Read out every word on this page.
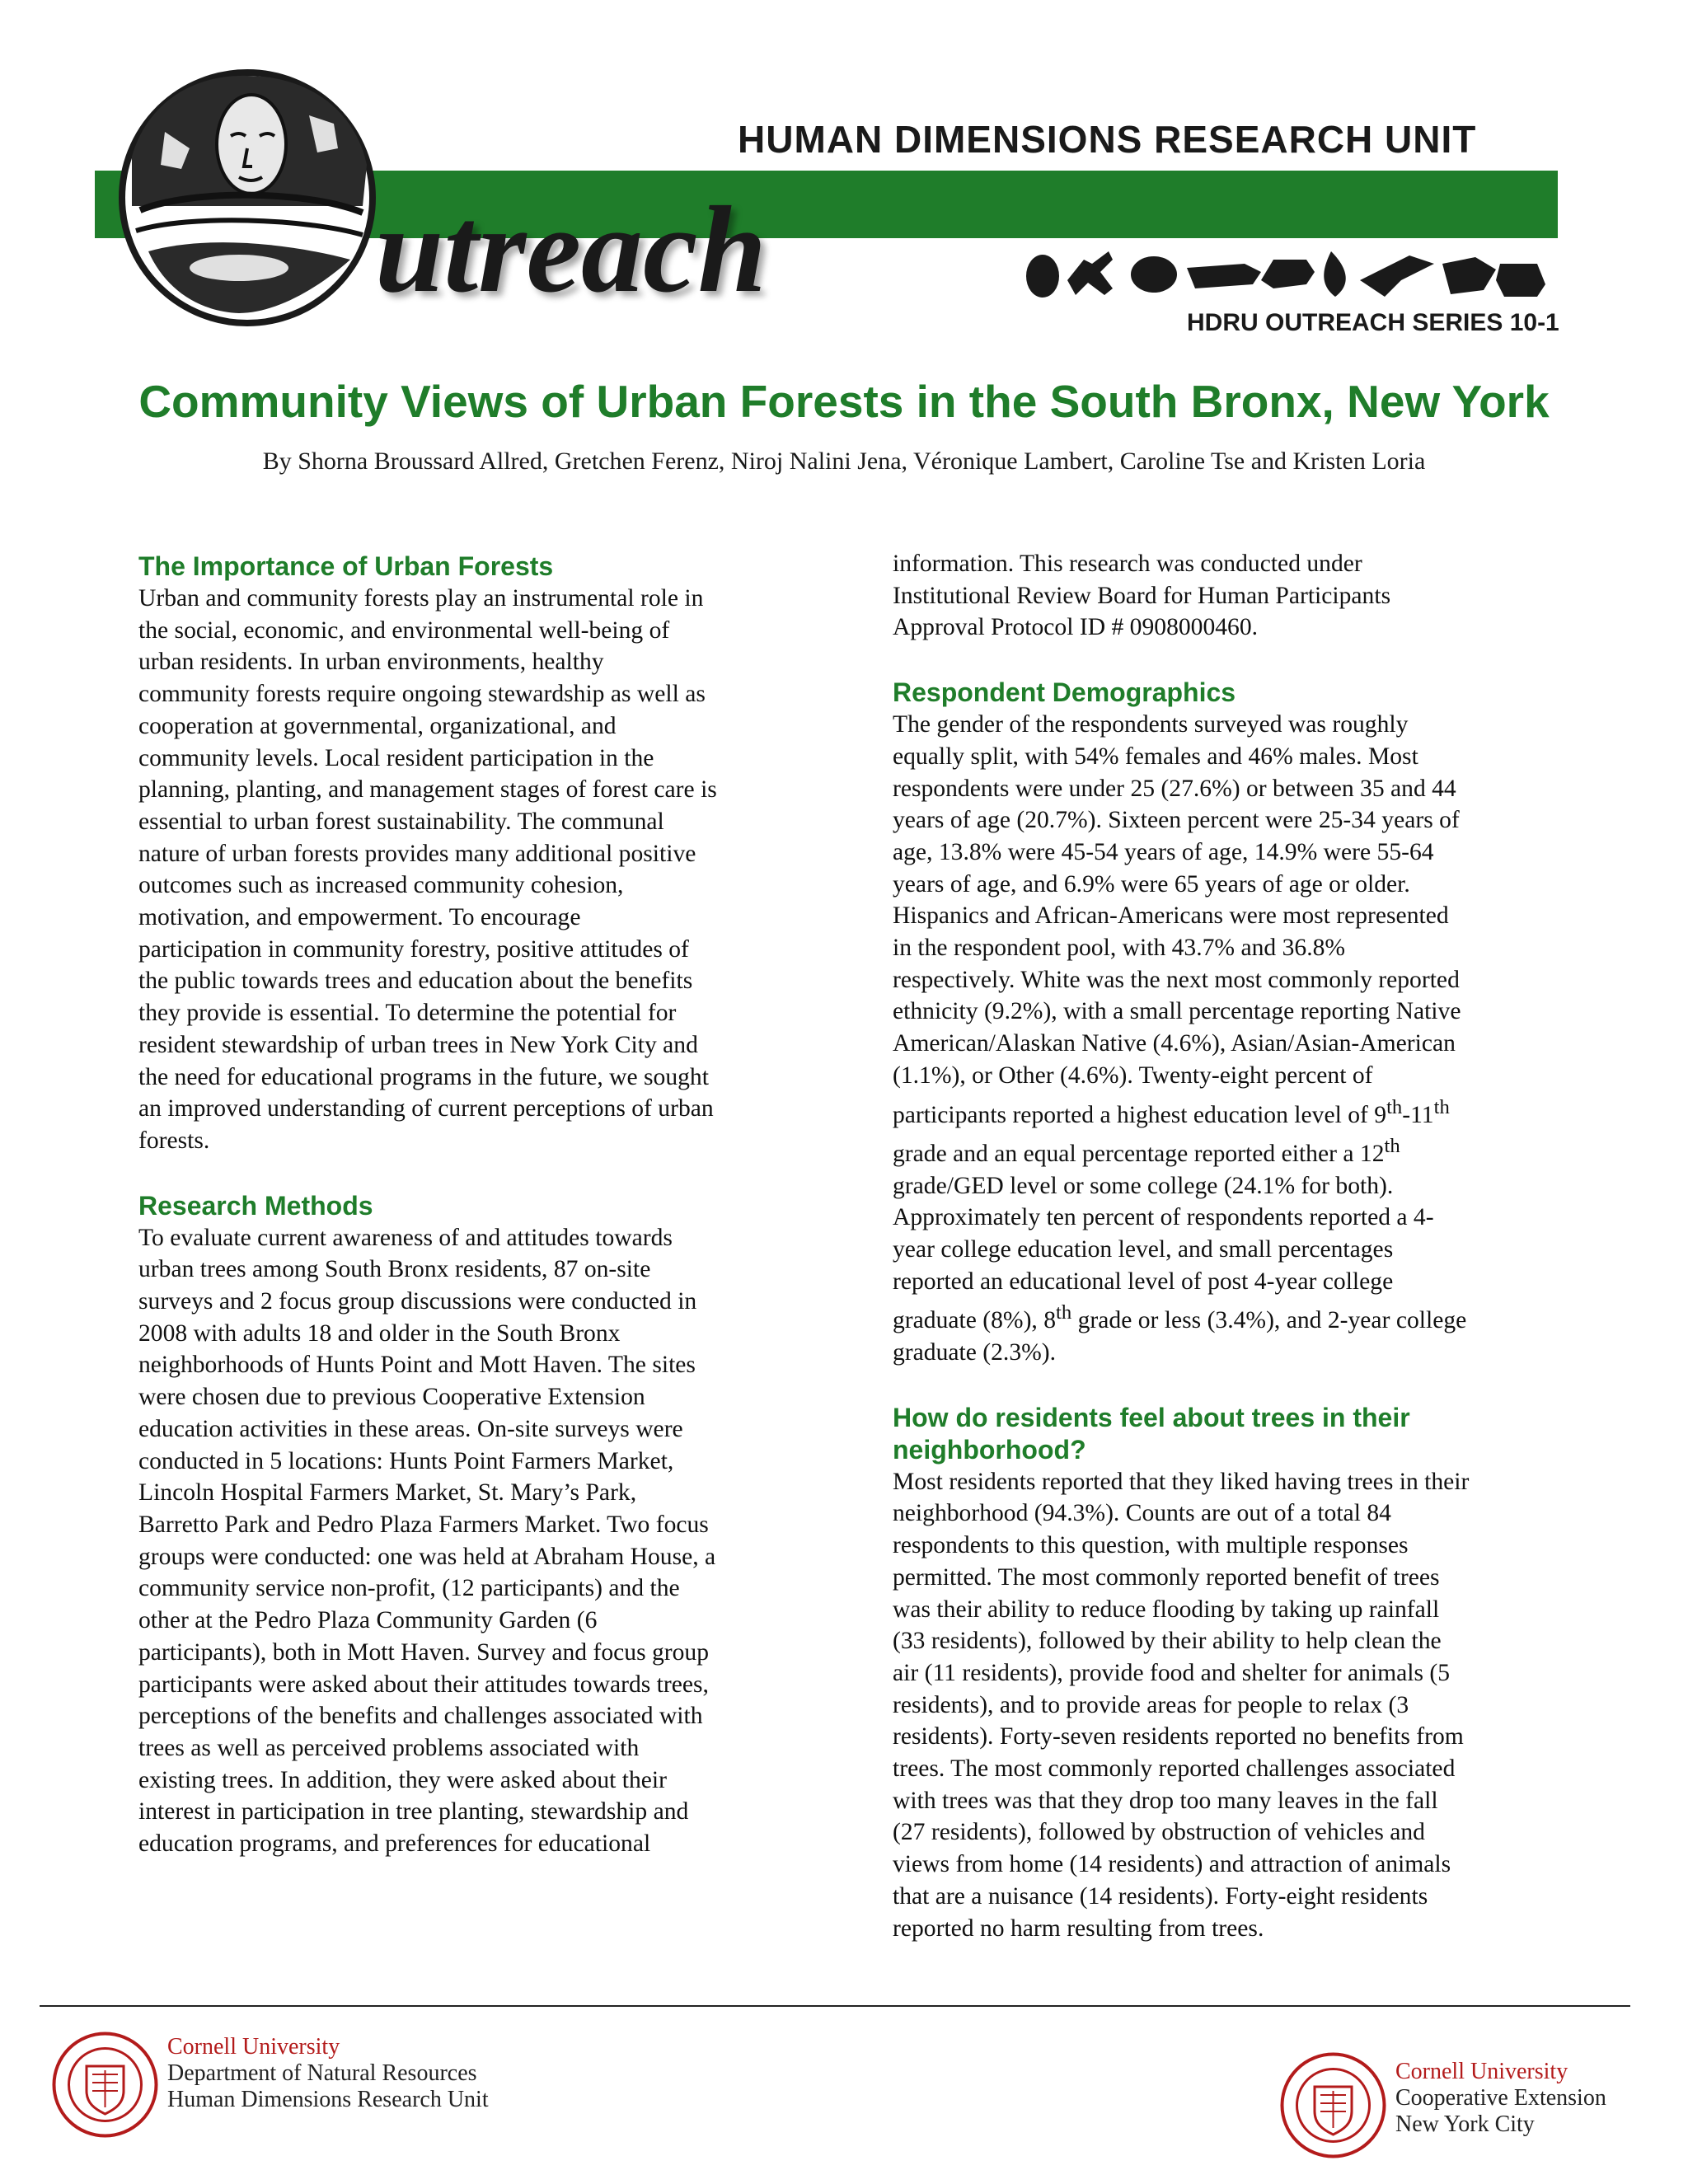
HUMAN DIMENSIONS RESEARCH UNIT
utreach
HDRU OUTREACH SERIES 10-1
Community Views of Urban Forests in the South Bronx, New York
By Shorna Broussard Allred, Gretchen Ferenz, Niroj Nalini Jena, Véronique Lambert, Caroline Tse and Kristen Loria
The Importance of Urban Forests

Urban and community forests play an instrumental role in
the social, economic, and environmental well-being of
urban residents. In urban environments, healthy
community forests require ongoing stewardship as well as
cooperation at governmental, organizational, and
community levels. Local resident participation in the
planning, planting, and management stages of forest care is
essential to urban forest sustainability. The communal
nature of urban forests provides many additional positive
outcomes such as increased community cohesion,
motivation, and empowerment. To encourage
participation in community forestry, positive attitudes of
the public towards trees and education about the benefits
they provide is essential. To determine the potential for
resident stewardship of urban trees in New York City and
the need for educational programs in the future, we sought
an improved understanding of current perceptions of urban
forests.

Research Methods

To evaluate current awareness of and attitudes towards
urban trees among South Bronx residents, 87 on-site
surveys and 2 focus group discussions were conducted in
2008 with adults 18 and older in the South Bronx
neighborhoods of Hunts Point and Mott Haven. The sites
were chosen due to previous Cooperative Extension
education activities in these areas. On-site surveys were
conducted in 5 locations: Hunts Point Farmers Market,
Lincoln Hospital Farmers Market, St. Mary’s Park,
Barretto Park and Pedro Plaza Farmers Market. Two focus
groups were conducted: one was held at Abraham House, a
community service non-profit, (12 participants) and the
other at the Pedro Plaza Community Garden (6
participants), both in Mott Haven. Survey and focus group
participants were asked about their attitudes towards trees,
perceptions of the benefits and challenges associated with
trees as well as perceived problems associated with
existing trees. In addition, they were asked about their
interest in participation in tree planting, stewardship and
education programs, and preferences for educational

information. This research was conducted under
Institutional Review Board for Human Participants
Approval Protocol ID # 0908000460.

Respondent Demographics

The gender of the respondents surveyed was roughly
equally split, with 54% females and 46% males. Most
respondents were under 25 (27.6%) or between 35 and 44
years of age (20.7%). Sixteen percent were 25-34 years of
age, 13.8% were 45-54 years of age, 14.9% were 55-64
years of age, and 6.9% were 65 years of age or older.
Hispanics and African-Americans were most represented
in the respondent pool, with 43.7% and 36.8%
respectively. White was the next most commonly reported
ethnicity (9.2%), with a small percentage reporting Native
American/Alaskan Native (4.6%), Asian/Asian-American
(1.1%), or Other (4.6%). Twenty-eight percent of
participants reported a highest education level of 9th-11th
grade and an equal percentage reported either a 12th
grade/GED level or some college (24.1% for both).
Approximately ten percent of respondents reported a 4-
year college education level, and small percentages
reported an educational level of post 4-year college
graduate (8%), 8th grade or less (3.4%), and 2-year college
graduate (2.3%).

How do residents feel about trees in their
neighborhood?

Most residents reported that they liked having trees in their
neighborhood (94.3%). Counts are out of a total 84
respondents to this question, with multiple responses
permitted. The most commonly reported benefit of trees
was their ability to reduce flooding by taking up rainfall
(33 residents), followed by their ability to help clean the
air (11 residents), provide food and shelter for animals (5
residents), and to provide areas for people to relax (3
residents). Forty-seven residents reported no benefits from
trees. The most commonly reported challenges associated
with trees was that they drop too many leaves in the fall
(27 residents), followed by obstruction of vehicles and
views from home (14 residents) and attraction of animals
that are a nuisance (14 residents). Forty-eight residents
reported no harm resulting from trees.

Cornell University
Department of Natural Resources
Human Dimensions Research Unit
Cornell University
Cooperative Extension
New York City
